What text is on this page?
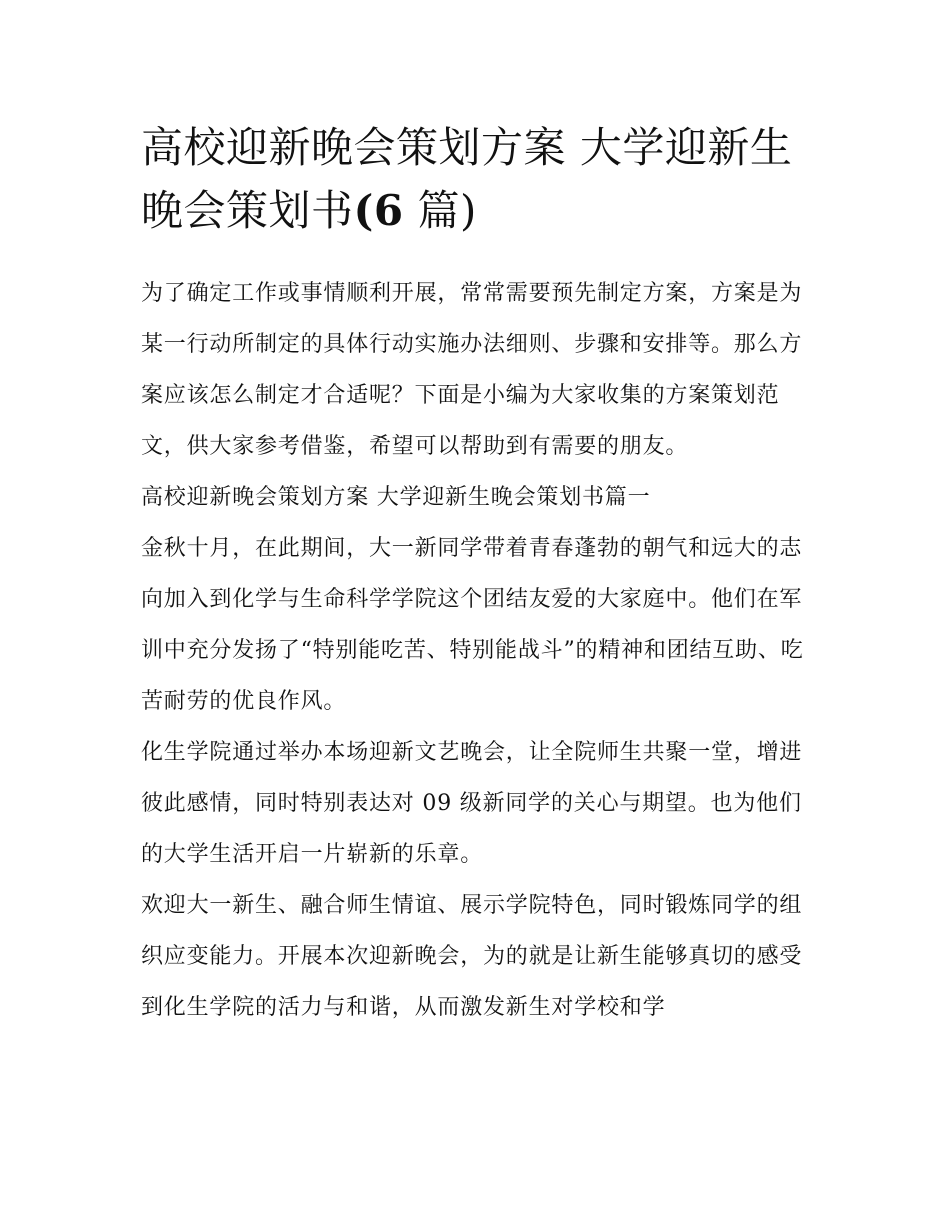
高校迎新晚会策划方案 大学迎新生晚会策划书(6 篇)

为了确定工作或事情顺利开展，常常需要预先制定方案，方案是为某一行动所制定的具体行动实施办法细则、步骤和安排等。那么方案应该怎么制定才合适呢？下面是小编为大家收集的方案策划范文，供大家参考借鉴，希望可以帮助到有需要的朋友。

高校迎新晚会策划方案 大学迎新生晚会策划书篇一

金秋十月，在此期间，大一新同学带着青春蓬勃的朝气和远大的志向加入到化学与生命科学学院这个团结友爱的大家庭中。他们在军训中充分发扬了“特别能吃苦、特别能战斗”的精神和团结互助、吃苦耐劳的优良作风。

化生学院通过举办本场迎新文艺晚会，让全院师生共聚一堂，增进彼此感情，同时特别表达对 09 级新同学的关心与期望。也为他们的大学生活开启一片崭新的乐章。

欢迎大一新生、融合师生情谊、展示学院特色，同时锻炼同学的组织应变能力。开展本次迎新晚会，为的就是让新生能够真切的感受到化生学院的活力与和谐，从而激发新生对学校和学
